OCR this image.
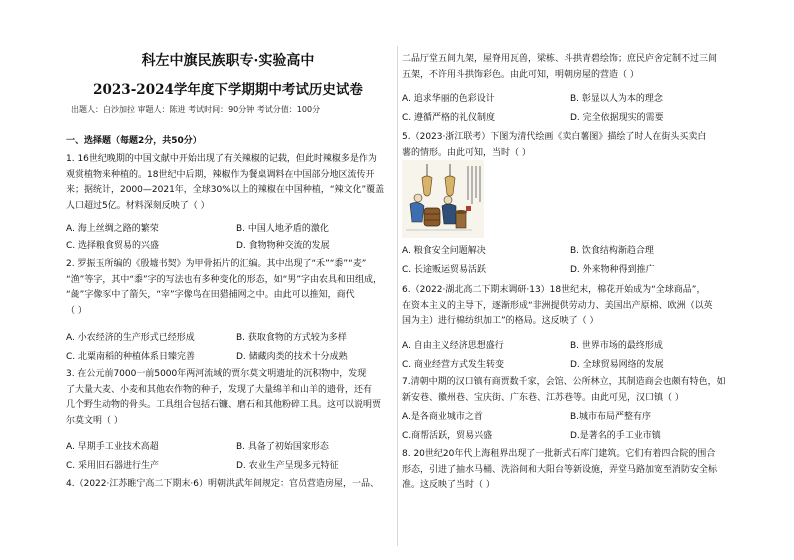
科左中旗民族职专·实验高中
2023-2024学年度下学期期中考试历史试卷
出题人：白沙加拉 审题人：陈进 考试时间：90分钟 考试分值：100分
一、选择题（每题2分，共50分）

1. 16世纪晚期的中国文献中开始出现了有关辣椒的记载，但此时辣椒多是作为

观赏植物来种植的。18世纪中后期，辣椒作为餐桌调料在中国部分地区流传开

来；据统计，2000—2021年，全球30%以上的辣椒在中国种植，“辣文化”覆盖

人口超过5亿。材料深刻反映了（ ）

A. 海上丝绸之路的繁荣	B. 中国人地矛盾的激化
C. 选择粮食贸易的兴盛	D. 食物物种交流的发展

2. 罗振玉所编的《殷墟书契》为甲骨拓片的汇编。其中出现了“禾”“黍”“麦”

“渔”等字，其中“黍”字的写法也有多种变化的形态，如“男”字由农具和田组成，

“彘”字像豕中了箭矢，“宰”字像鸟在田猎捕网之中。由此可以推知，商代

（ ）

A. 小农经济的生产形式已经形成	B. 获取食物的方式较为多样
C. 北粟南稻的种植体系日臻完善	D. 储藏肉类的技术十分成熟

3. 在公元前7000一前5000年两河流域的贾尔莫文明遗址的沉积物中，发现

了大量大麦、小麦和其他农作物的种子，发现了大量绵羊和山羊的遗骨，还有

几个野生动物的骨头。工具组合包括石镰、磨石和其他粉碎工具。这可以说明贾

尔莫文明（ ）

A. 早期手工业技术高超	B. 具备了初始国家形态
C. 采用旧石器进行生产	D. 农业生产呈现多元特征

4.（2022·江苏睢宁高二下期末·6）明朝洪武年间规定：官员营造房屋，一品、

二品厅堂五间九架，屋脊用瓦兽，梁栋、斗拱青碧绘饰；庶民庐舍定制不过三间

五架，不许用斗拱饰彩色。由此可知，明朝房屋的营造（ ）

A. 追求华丽的色彩设计	B. 彰显以人为本的理念
C. 遵循严格的礼仪制度	D. 完全依据现实的需要

5.（2023·浙江联考）下图为清代绘画《卖白薯图》描绘了时人在街头买卖白

薯的情形。由此可知，当时（ ）

A. 粮食安全问题解决	B. 饮食结构渐趋合理
C. 长途贩运贸易活跃	D. 外来物种得到推广

6.（2022·湖北高二下期末调研·13）18世纪末，棉花开始成为“全球商品”，

在资本主义的主导下，逐渐形成“非洲提供劳动力、美国出产原棉、欧洲（以英

国为主）进行棉纺织加工”的格局。这反映了（ ）

A. 自由主义经济思想盛行	B. 世界市场的最终形成
C. 商业经营方式发生转变	D. 全球贸易网络的发展

7.清朝中期的汉口镇有商贾数千家，会馆、公所林立，其制造商会也颇有特色，如

新安巷、徽州巷、宝庆街、广东巷、江苏巷等。由此可见，汉口镇（ ）

A.是各商业城市之首	B.城市布局严整有序
C.商帮活跃，贸易兴盛	D.是著名的手工业市镇

8. 20世纪20年代上海租界出现了一批新式石库门建筑。它们有着四合院的围合

形态，引进了抽水马桶、洗浴间和大阳台等新设施，弄堂马路加宽至消防安全标

准。这反映了当时（ ）
